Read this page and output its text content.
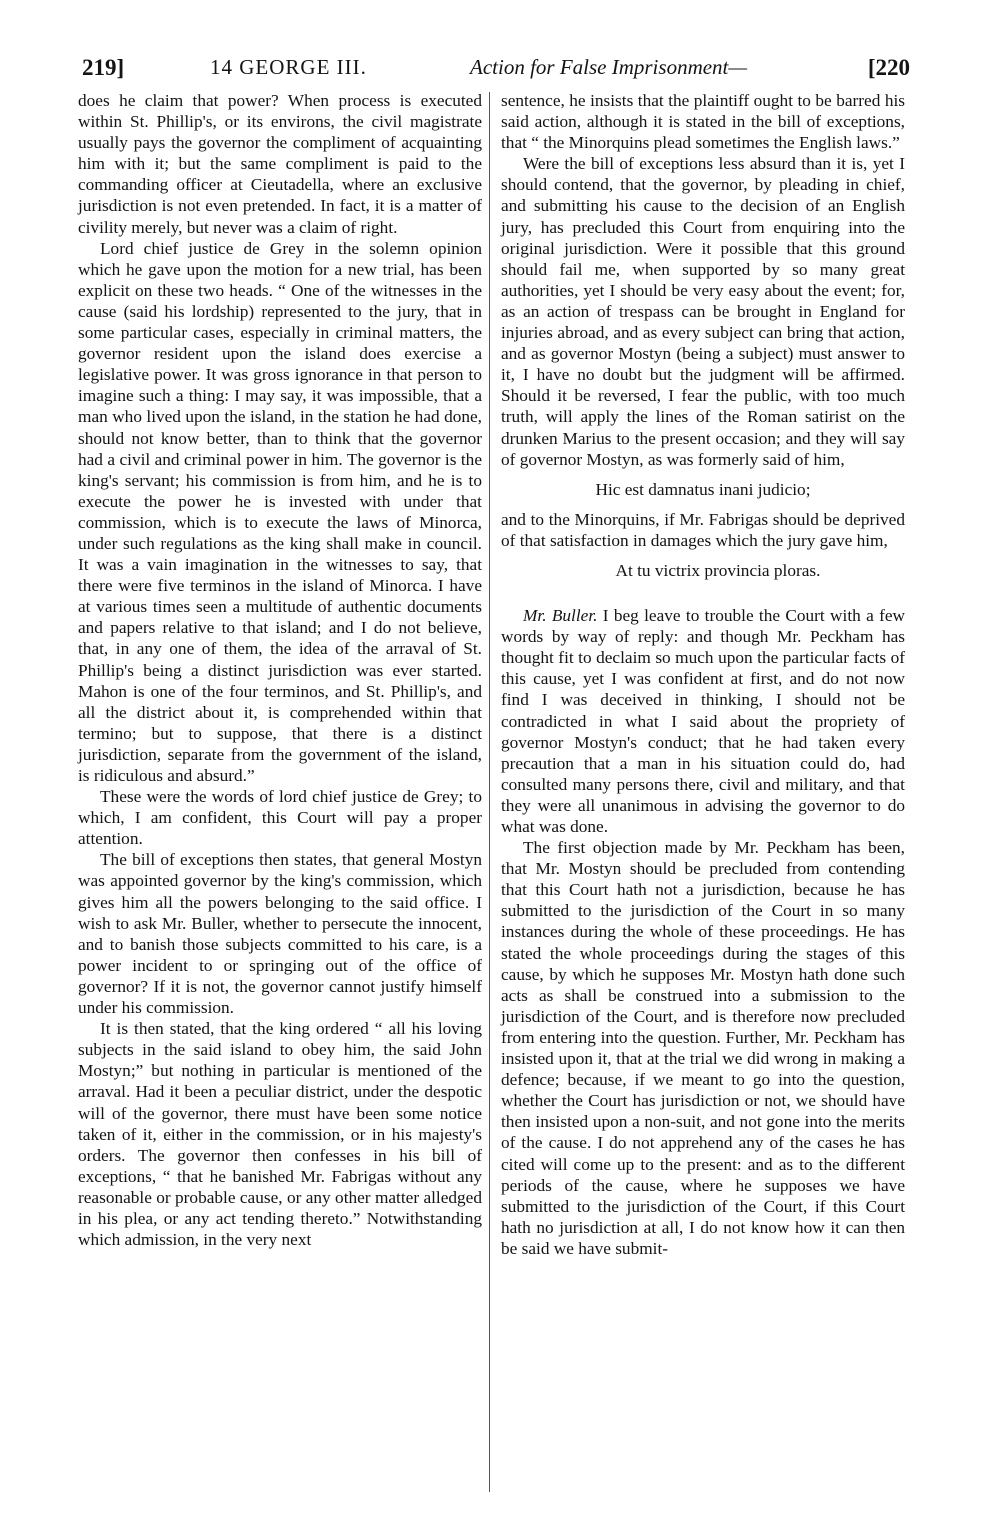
219]	14 GEORGE III.	Action for False Imprisonment—	[220

does he claim that power? When process is executed within St. Phillip's, or its environs, the civil magistrate usually pays the governor the compliment of acquainting him with it; but the same compliment is paid to the commanding officer at Cieutadella, where an exclusive jurisdiction is not even pretended. In fact, it is a matter of civility merely, but never was a claim of right.

Lord chief justice de Grey in the solemn opinion which he gave upon the motion for a new trial, has been explicit on these two heads. “ One of the witnesses in the cause (said his lordship) represented to the jury, that in some particular cases, especially in criminal matters, the governor resident upon the island does exercise a legislative power. It was gross ignorance in that person to imagine such a thing: I may say, it was impossible, that a man who lived upon the island, in the station he had done, should not know better, than to think that the governor had a civil and criminal power in him. The governor is the king's servant; his commission is from him, and he is to execute the power he is invested with under that commission, which is to execute the laws of Minorca, under such regulations as the king shall make in council. It was a vain imagination in the witnesses to say, that there were five terminos in the island of Minorca. I have at various times seen a multitude of authentic documents and papers relative to that island; and I do not believe, that, in any one of them, the idea of the arraval of St. Phillip's being a distinct jurisdiction was ever started. Mahon is one of the four terminos, and St. Phillip's, and all the district about it, is comprehended within that termino; but to suppose, that there is a distinct jurisdiction, separate from the government of the island, is ridiculous and absurd.”

These were the words of lord chief justice de Grey; to which, I am confident, this Court will pay a proper attention.

The bill of exceptions then states, that general Mostyn was appointed governor by the king's commission, which gives him all the powers belonging to the said office. I wish to ask Mr. Buller, whether to persecute the innocent, and to banish those subjects committed to his care, is a power incident to or springing out of the office of governor? If it is not, the governor cannot justify himself under his commission.

It is then stated, that the king ordered “ all his loving subjects in the said island to obey him, the said John Mostyn;” but nothing in particular is mentioned of the arraval. Had it been a peculiar district, under the despotic will of the governor, there must have been some notice taken of it, either in the commission, or in his majesty's orders. The governor then confesses in his bill of exceptions, “ that he banished Mr. Fabrigas without any reasonable or probable cause, or any other matter alledged in his plea, or any act tending thereto.” Notwithstanding which admission, in the very next

sentence, he insists that the plaintiff ought to be barred his said action, although it is stated in the bill of exceptions, that “ the Minorquins plead sometimes the English laws.”

Were the bill of exceptions less absurd than it is, yet I should contend, that the governor, by pleading in chief, and submitting his cause to the decision of an English jury, has precluded this Court from enquiring into the original jurisdiction. Were it possible that this ground should fail me, when supported by so many great authorities, yet I should be very easy about the event; for, as an action of trespass can be brought in England for injuries abroad, and as every subject can bring that action, and as governor Mostyn (being a subject) must answer to it, I have no doubt but the judgment will be affirmed. Should it be reversed, I fear the public, with too much truth, will apply the lines of the Roman satirist on the drunken Marius to the present occasion; and they will say of governor Mostyn, as was formerly said of him,

Hic est damnatus inani judicio;

and to the Minorquins, if Mr. Fabrigas should be deprived of that satisfaction in damages which the jury gave him,

At tu victrix provincia ploras.

Mr. Buller. I beg leave to trouble the Court with a few words by way of reply: and though Mr. Peckham has thought fit to declaim so much upon the particular facts of this cause, yet I was confident at first, and do not now find I was deceived in thinking, I should not be contradicted in what I said about the propriety of governor Mostyn's conduct; that he had taken every precaution that a man in his situation could do, had consulted many persons there, civil and military, and that they were all unanimous in advising the governor to do what was done.

The first objection made by Mr. Peckham has been, that Mr. Mostyn should be precluded from contending that this Court hath not a jurisdiction, because he has submitted to the jurisdiction of the Court in so many instances during the whole of these proceedings. He has stated the whole proceedings during the stages of this cause, by which he supposes Mr. Mostyn hath done such acts as shall be construed into a submission to the jurisdiction of the Court, and is therefore now precluded from entering into the question. Further, Mr. Peckham has insisted upon it, that at the trial we did wrong in making a defence; because, if we meant to go into the question, whether the Court has jurisdiction or not, we should have then insisted upon a non-suit, and not gone into the merits of the cause. I do not apprehend any of the cases he has cited will come up to the present: and as to the different periods of the cause, where he supposes we have submitted to the jurisdiction of the Court, if this Court hath no jurisdiction at all, I do not know how it can then be said we have submit-
